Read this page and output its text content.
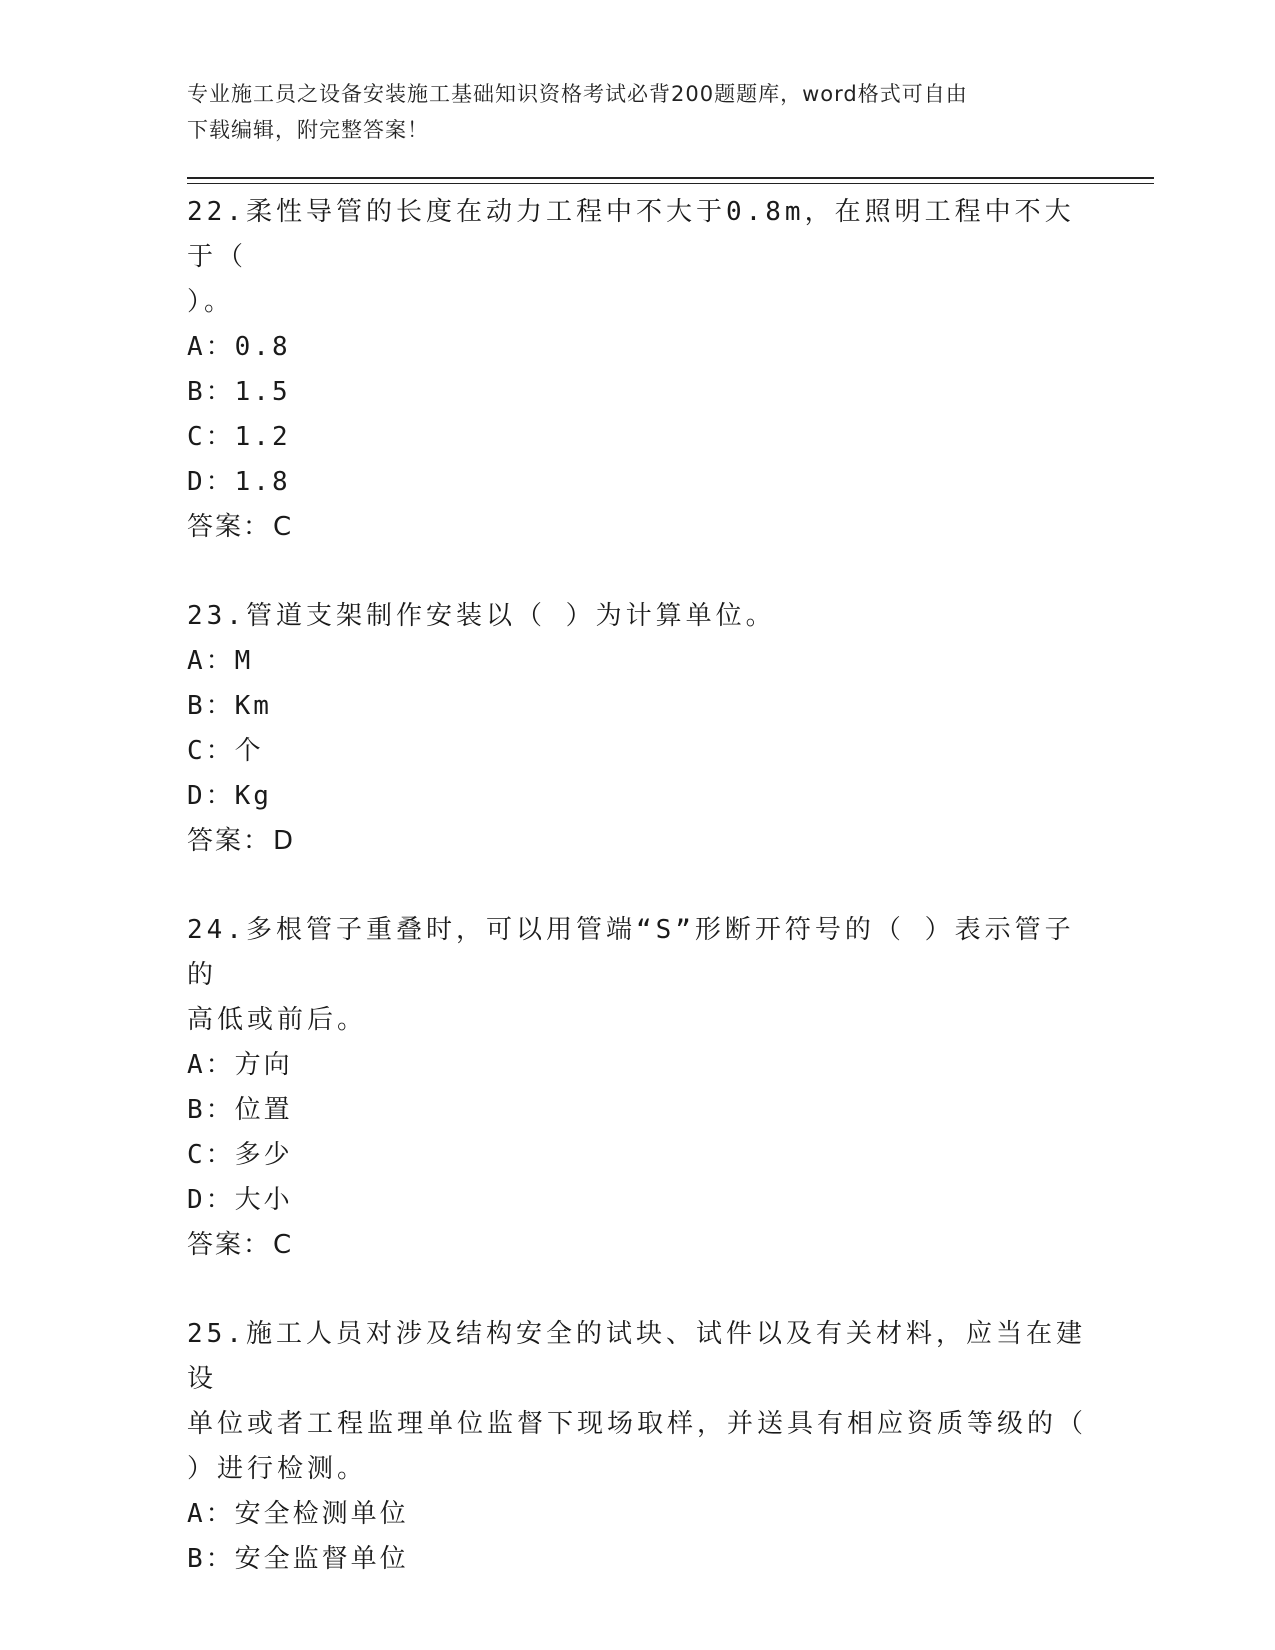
专业施工员之设备安装施工基础知识资格考试必背200题题库，word格式可自由
下载编辑，附完整答案！

22.柔性导管的长度在动力工程中不大于0.8m，在照明工程中不大于（

）。

A：0.8

B：1.5

C：1.2

D：1.8

答案：C

23.管道支架制作安装以（ ）为计算单位。

A：M

B：Km

C：个

D：Kg

答案：D

24.多根管子重叠时，可以用管端“S”形断开符号的（ ）表示管子的

高低或前后。

A：方向

B：位置

C：多少

D：大小

答案：C

25.施工人员对涉及结构安全的试块、试件以及有关材料，应当在建设

单位或者工程监理单位监督下现场取样，并送具有相应资质等级的（

）进行检测。

A：安全检测单位

B：安全监督单位
